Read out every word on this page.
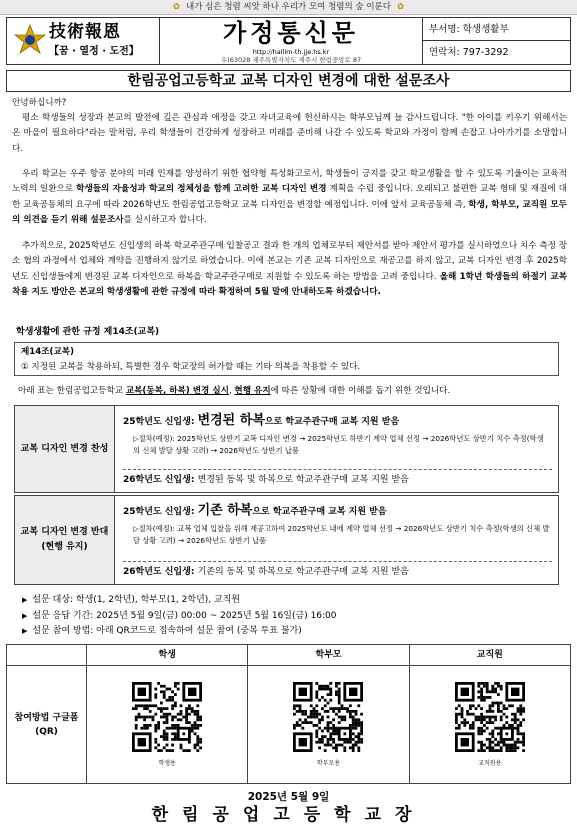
✿ 내가 심은 청렴 씨앗 하나 우리가 모여 청렴의 숲 이룬다 ✿
技術報恩
【꿈 · 열정 · 도전】
가정통신문
http://hallim-th.jje.hs.kr
우)63028 제주특별자치도 제주시 한림중앙로 87
부서명: 학생생활부
연락처: 797-3292
한림공업고등학교 교복 디자인 변경에 대한 설문조사
안녕하십니까?
평소 학생들의 성장과 본교의 발전에 깊은 관심과 애정을 갖고 자녀교육에 헌신하시는 학부모님께 늘 감사드립니다. "한 아이를 키우기 위해서는 온 마을이 필요하다"라는 말처럼, 우리 학생들이 건강하게 성장하고 미래를 준비해 나갈 수 있도록 학교와 가정이 함께 손잡고 나아가기를 소망합니다.
우리 학교는 우주 항공 분야의 미래 인재를 양성하기 위한 협약형 특성화고로서, 학생들이 긍지를 갖고 학교생활을 할 수 있도록 기울이는 교육적 노력의 일환으로 학생들의 자율성과 학교의 정체성을 함께 고려한 교복 디자인 변경 계획을 수립 중입니다. 오래되고 불편한 교복 형태 및 재질에 대한 교육공동체의 요구에 따라 2026학년도 한림공업고등학교 교복 디자인을 변경할 예정입니다. 이에 앞서 교육공동체 즉, 학생, 학부모, 교직원 모두의 의견을 듣기 위해 설문조사를 실시하고자 합니다.
추가적으로, 2025학년도 신입생의 하복 학교주관구매 입찰공고 결과 한 개의 업체로부터 제안서를 받아 제안서 평가를 실시하였으나 치수 측정 장소 협의 과정에서 업체와 계약을 진행하지 않기로 하였습니다. 이에 본교는 기존 교복 디자인으로 재공고를 하지 않고, 교복 디자인 변경 후 2025학년도 신입생들에게 변경된 교복 디자인으로 하복을 학교주관구매로 지원할 수 있도록 하는 방법을 고려 중입니다. 올해 1학년 학생들의 하절기 교복 착용 지도 방안은 본교의 학생생활에 관한 규정에 따라 확정하여 5월 말에 안내하도록 하겠습니다.
학생생활에 관한 규정 제14조(교복)
제14조(교복)
① 지정된 교복을 착용하되, 특별한 경우 학교장의 허가할 때는 기타 의복을 착용할 수 있다.
아래 표는 한림공업고등학교 교복(동복, 하복) 변경 실시, 현행 유지에 따른 상황에 대한 이해를 돕기 위한 것입니다.
교복 디자인 변경 찬성
25학년도 신입생: 변경된 하복으로 학교주관구매 교복 지원 받음
▷절차(예정): 2025학년도 상반기 교복 디자인 변경 → 2025학년도 하반기 계약 업체 선정 → 2026학년도 상반기 치수 측정(학생의 신체 발달 상황 고려) → 2026학년도 상반기 납품
26학년도 신입생: 변경된 동복 및 하복으로 학교주관구매 교복 지원 받음
교복 디자인 변경 반대 (현행 유지)
25학년도 신입생: 기존 하복으로 학교주관구매 교복 지원 받음
▷절차(예정): 교복 업체 입찰을 위해 재공고하여 2025학년도 내에 계약 업체 선정 → 2026학년도 상반기 치수 측정(학생의 신체 발달 상황 고려) → 2026학년도 상반기 납품
26학년도 신입생: 기존의 동복 및 하복으로 학교주관구매 교복 지원 받음
▶ 설문 대상: 학생(1, 2학년), 학부모(1, 2학년), 교직원
▶ 설문 응답 기간: 2025년 5월 9일(금) 00:00 ~ 2025년 5월 16일(금) 16:00
▶ 설문 참여 방법: 아래 QR코드로 접속하여 설문 참여 (중복 투표 불가)
참여방법 구글폼 (QR)
학생
학생용
학부모
학부모용
교직원
교직원용
2025년 5월 9일
한림공업고등학교장
